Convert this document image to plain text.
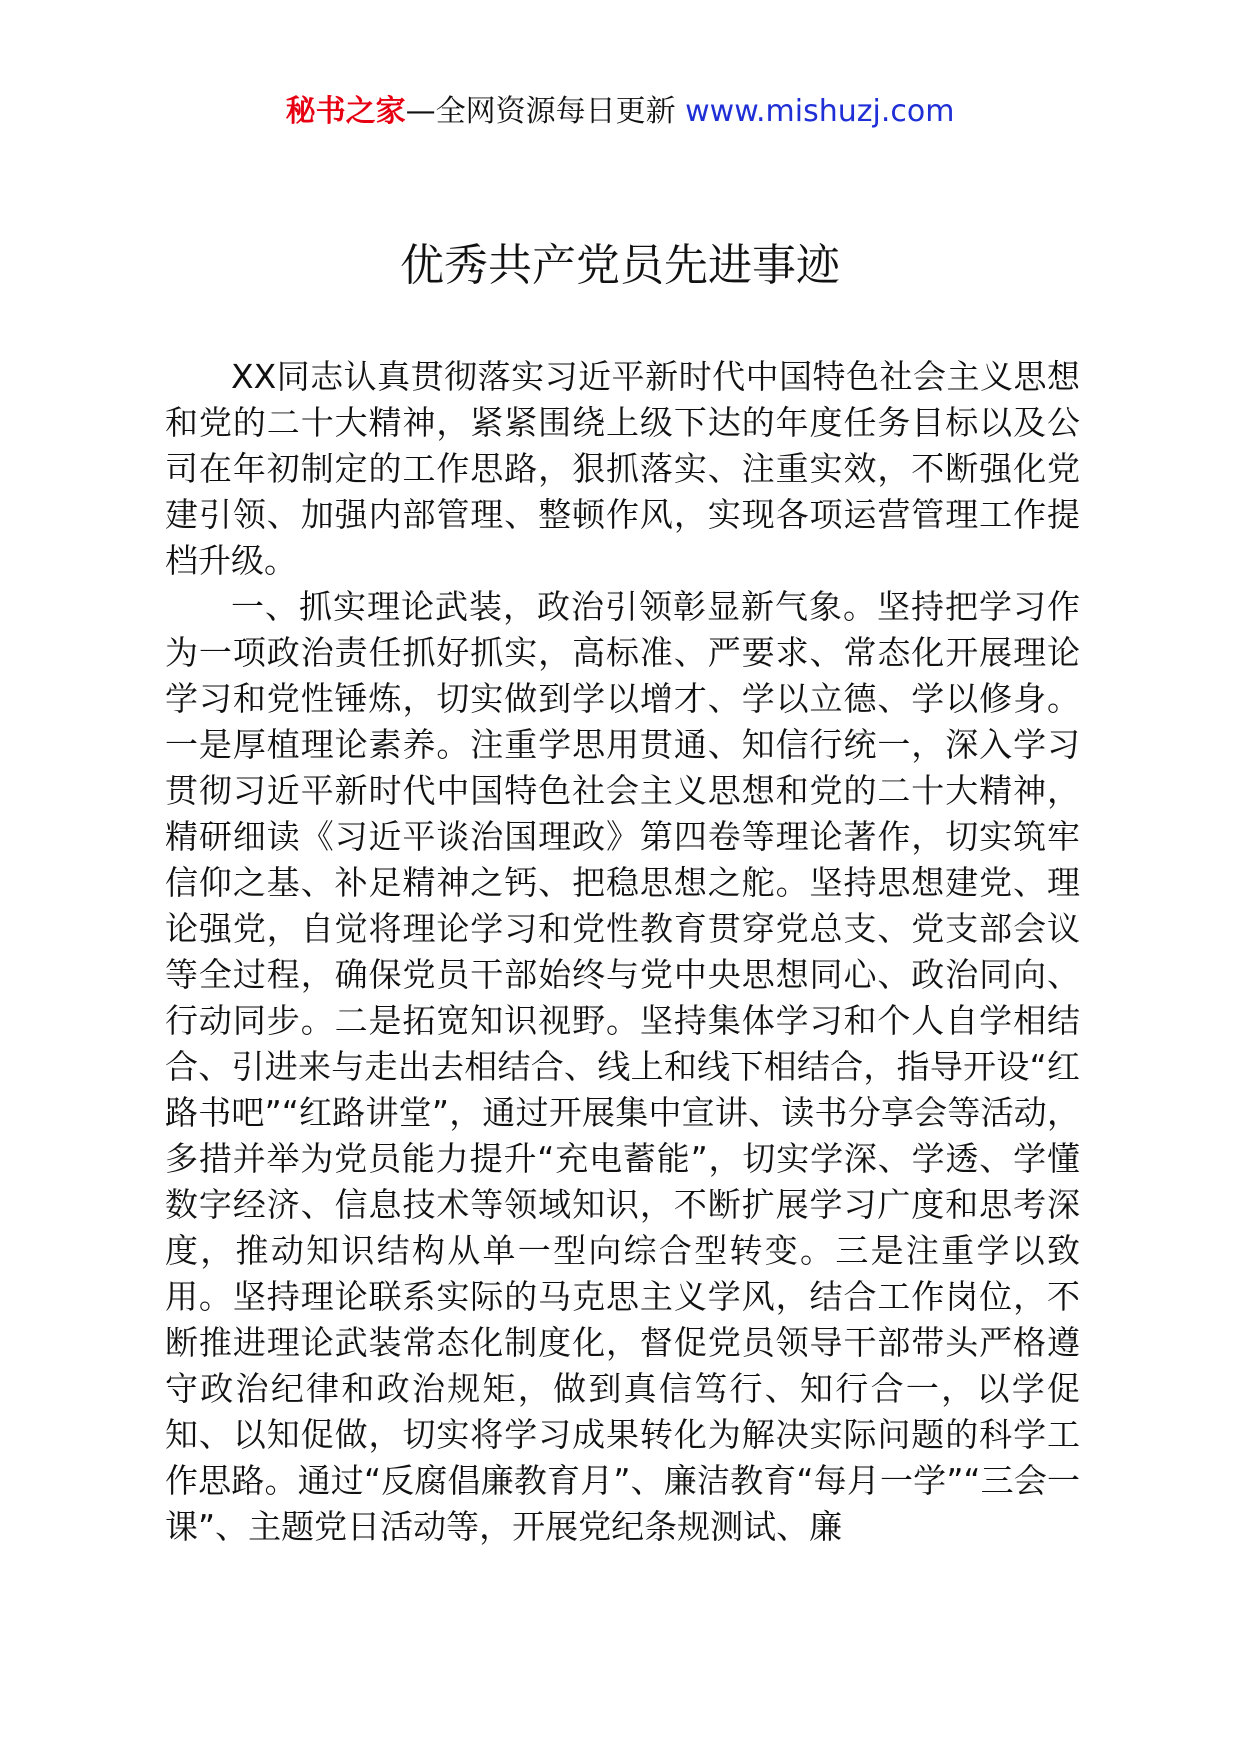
秘书之家—全网资源每日更新 www.mishuzj.com
优秀共产党员先进事迹

XX同志认真贯彻落实习近平新时代中国特色社会主义思想和党的二十大精神，紧紧围绕上级下达的年度任务目标以及公司在年初制定的工作思路，狠抓落实、注重实效，不断强化党建引领、加强内部管理、整顿作风，实现各项运营管理工作提档升级。

一、抓实理论武装，政治引领彰显新气象。坚持把学习作为一项政治责任抓好抓实，高标准、严要求、常态化开展理论学习和党性锤炼，切实做到学以增才、学以立德、学以修身。一是厚植理论素养。注重学思用贯通、知信行统一，深入学习贯彻习近平新时代中国特色社会主义思想和党的二十大精神，精研细读《习近平谈治国理政》第四卷等理论著作，切实筑牢信仰之基、补足精神之钙、把稳思想之舵。坚持思想建党、理论强党，自觉将理论学习和党性教育贯穿党总支、党支部会议等全过程，确保党员干部始终与党中央思想同心、政治同向、行动同步。二是拓宽知识视野。坚持集体学习和个人自学相结合、引进来与走出去相结合、线上和线下相结合，指导开设“红路书吧”“红路讲堂”，通过开展集中宣讲、读书分享会等活动，多措并举为党员能力提升“充电蓄能”，切实学深、学透、学懂数字经济、信息技术等领域知识，不断扩展学习广度和思考深度，推动知识结构从单一型向综合型转变。三是注重学以致用。坚持理论联系实际的马克思主义学风，结合工作岗位，不断推进理论武装常态化制度化，督促党员领导干部带头严格遵守政治纪律和政治规矩，做到真信笃行、知行合一，以学促知、以知促做，切实将学习成果转化为解决实际问题的科学工作思路。通过“反腐倡廉教育月”、廉洁教育“每月一学”“三会一课”、主题党日活动等，开展党纪条规测试、廉
